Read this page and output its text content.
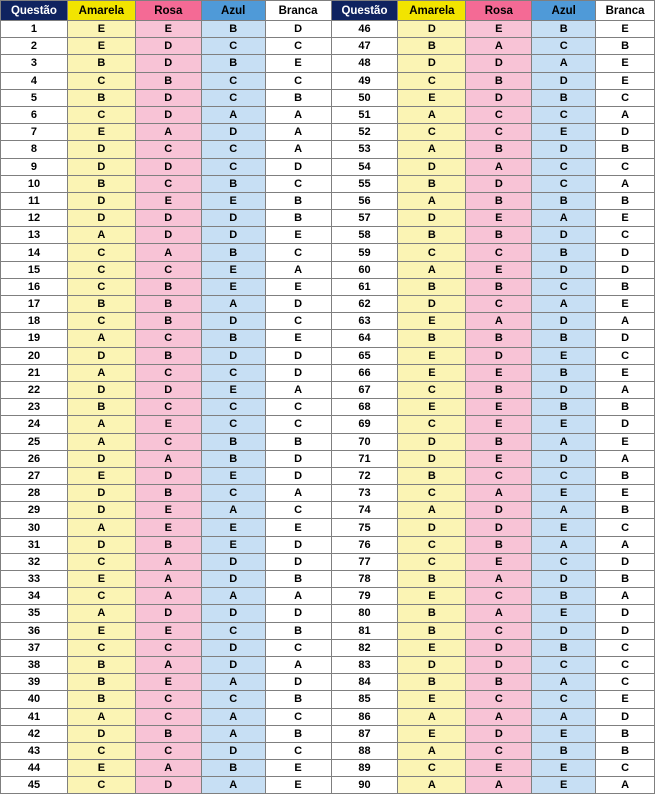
Questão	Amarela	Rosa	Azul	Branca	Questão	Amarela	Rosa	Azul	Branca
1	E	E	B	D	46	D	E	B	E
2	E	D	C	C	47	B	A	C	B
3	B	D	B	E	48	D	D	A	E
4	C	B	C	C	49	C	B	D	E
5	B	D	C	B	50	E	D	B	C
6	C	D	A	A	51	A	C	C	A
7	E	A	D	A	52	C	C	E	D
8	D	C	C	A	53	A	B	D	B
9	D	D	C	D	54	D	A	C	C
10	B	C	B	C	55	B	D	C	A
11	D	E	E	B	56	A	B	B	B
12	D	D	D	B	57	D	E	A	E
13	A	D	D	E	58	B	B	D	C
14	C	A	B	C	59	C	C	B	D
15	C	C	E	A	60	A	E	D	D
16	C	B	E	E	61	B	B	C	B
17	B	B	A	D	62	D	C	A	E
18	C	B	D	C	63	E	A	D	A
19	A	C	B	E	64	B	B	B	D
20	D	B	D	D	65	E	D	E	C
21	A	C	C	D	66	E	E	B	E
22	D	D	E	A	67	C	B	D	A
23	B	C	C	C	68	E	E	B	B
24	A	E	C	C	69	C	E	E	D
25	A	C	B	B	70	D	B	A	E
26	D	A	B	D	71	D	E	D	A
27	E	D	E	D	72	B	C	C	B
28	D	B	C	A	73	C	A	E	E
29	D	E	A	C	74	A	D	A	B
30	A	E	E	E	75	D	D	E	C
31	D	B	E	D	76	C	B	A	A
32	C	A	D	D	77	C	E	C	D
33	E	A	D	B	78	B	A	D	B
34	C	A	A	A	79	E	C	B	A
35	A	D	D	D	80	B	A	E	D
36	E	E	C	B	81	B	C	D	D
37	C	C	D	C	82	E	D	B	C
38	B	A	D	A	83	D	D	C	C
39	B	E	A	D	84	B	B	A	C
40	B	C	C	B	85	E	C	C	E
41	A	C	A	C	86	A	A	A	D
42	D	B	A	B	87	E	D	E	B
43	C	C	D	C	88	A	C	B	B
44	E	A	B	E	89	C	E	E	C
45	C	D	A	E	90	A	A	E	A
